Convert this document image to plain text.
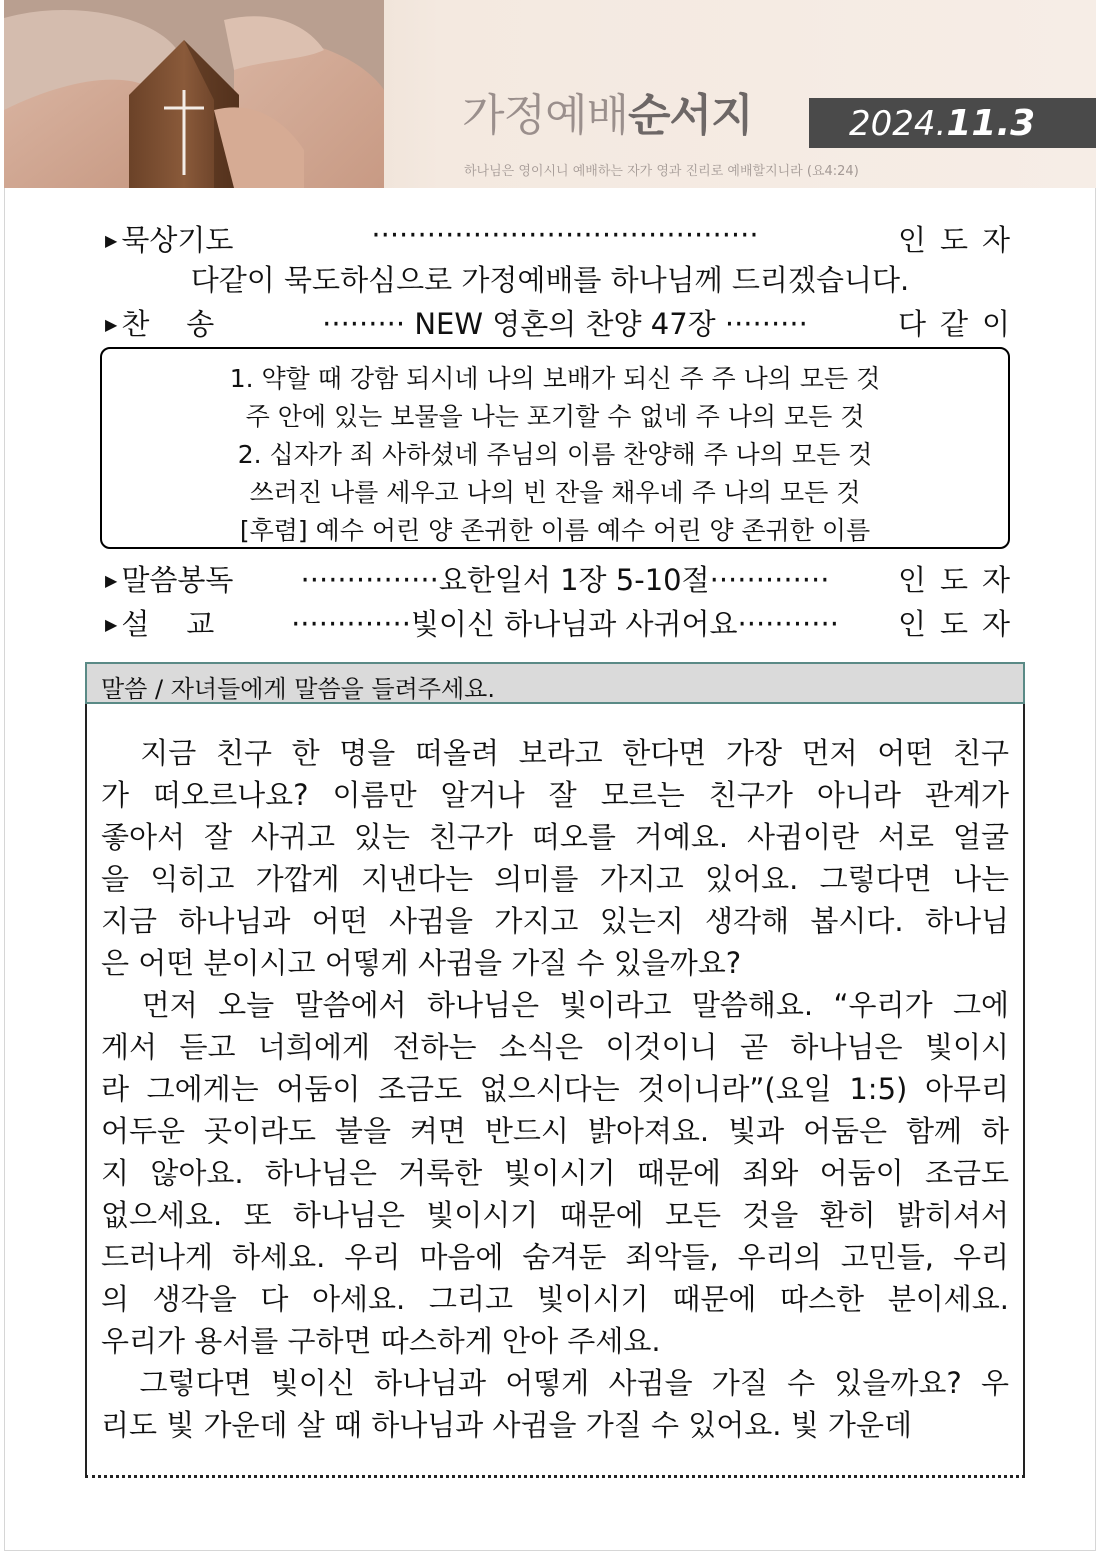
가정예배순서지	2024.11.3
하나님은 영이시니 예배하는 자가 영과 진리로 예배할지니라 (요4:24)
▶ 묵상기도	··········································	인도자
다같이 묵도하심으로 가정예배를 하나님께 드리겠습니다.
▶ 찬    송	········· NEW 영혼의 찬양 47장 ·········	다같이
1. 약할 때 강함 되시네 나의 보배가 되신 주 주 나의 모든 것
주 안에 있는 보물을 나는 포기할 수 없네 주 나의 모든 것
2. 십자가 죄 사하셨네 주님의 이름 찬양해 주 나의 모든 것
쓰러진 나를 세우고 나의 빈 잔을 채우네 주 나의 모든 것
[후렴] 예수 어린 양 존귀한 이름 예수 어린 양 존귀한 이름
▶ 말씀봉독	···············요한일서 1장 5-10절·············	인도자
▶ 설    교	·············빛이신 하나님과 사귀어요···········	인도자
말씀 / 자녀들에게 말씀을 들려주세요.
지금 친구 한 명을 떠올려 보라고 한다면 가장 먼저 어떤 친구
가 떠오르나요? 이름만 알거나 잘 모르는 친구가 아니라 관계가
좋아서 잘 사귀고 있는 친구가 떠오를 거예요. 사귐이란 서로 얼굴
을 익히고 가깝게 지낸다는 의미를 가지고 있어요. 그렇다면 나는
지금 하나님과 어떤 사귐을 가지고 있는지 생각해 봅시다. 하나님
은 어떤 분이시고 어떻게 사귐을 가질 수 있을까요?
먼저 오늘 말씀에서 하나님은 빛이라고 말씀해요. “우리가 그에
게서 듣고 너희에게 전하는 소식은 이것이니 곧 하나님은 빛이시
라 그에게는 어둠이 조금도 없으시다는 것이니라”(요일 1:5) 아무리
어두운 곳이라도 불을 켜면 반드시 밝아져요. 빛과 어둠은 함께 하
지 않아요. 하나님은 거룩한 빛이시기 때문에 죄와 어둠이 조금도
없으세요. 또 하나님은 빛이시기 때문에 모든 것을 환히 밝히셔서
드러나게 하세요. 우리 마음에 숨겨둔 죄악들, 우리의 고민들, 우리
의 생각을 다 아세요. 그리고 빛이시기 때문에 따스한 분이세요.
우리가 용서를 구하면 따스하게 안아 주세요.
그렇다면 빛이신 하나님과 어떻게 사귐을 가질 수 있을까요? 우
리도 빛 가운데 살 때 하나님과 사귐을 가질 수 있어요. 빛 가운데
